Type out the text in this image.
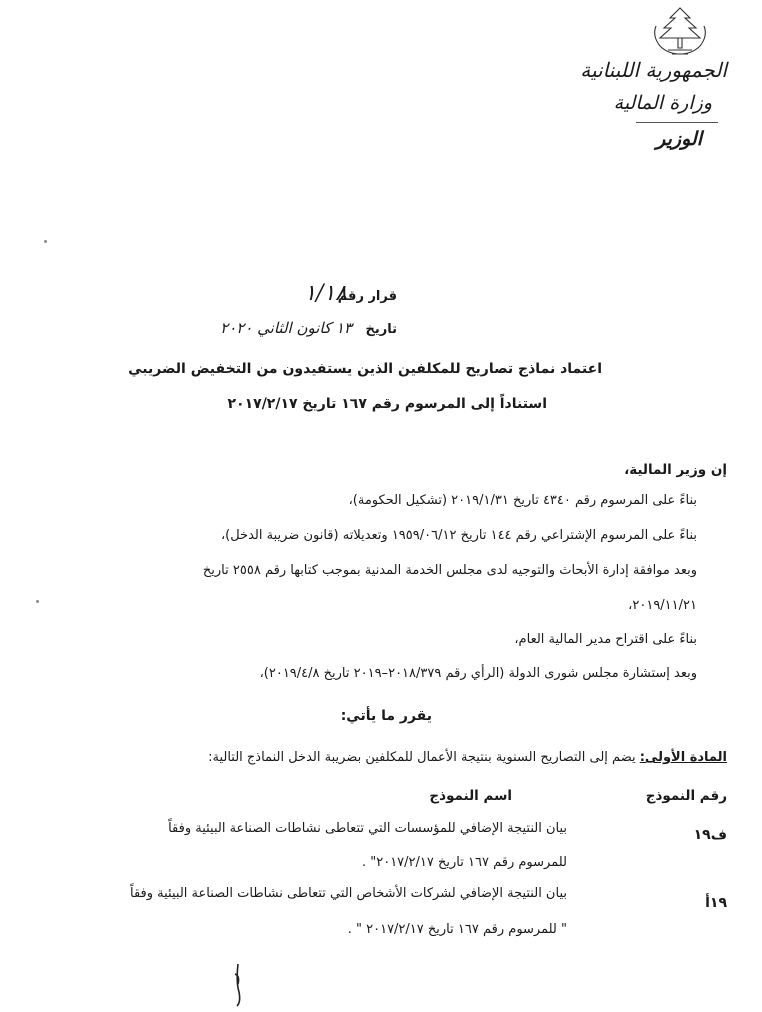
الجمهورية اللبنانية
وزارة المالية
الوزير
قرار رقم
١/١٨
تاريخ
١٣ كانون الثاني ٢٠٢٠
اعتماد نماذج تصاريح للمكلفين الذين يستفيدون من التخفيض الضريبي
استناداً إلى المرسوم رقم ١٦٧ تاريخ ٢٠١٧/٢/١٧
إن وزير المالية،
بناءً على المرسوم رقم ٤٣٤٠ تاريخ ٢٠١٩/١/٣١ (تشكيل الحكومة)،
بناءً على المرسوم الإشتراعي رقم ١٤٤ تاريخ ١٩٥٩/٠٦/١٢ وتعديلاته (قانون ضريبة الدخل)،
وبعد موافقة إدارة الأبحاث والتوجيه لدى مجلس الخدمة المدنية بموجب كتابها رقم ٢٥٥٨ تاريخ
٢٠١٩/١١/٢١،
بناءً على اقتراح مدير المالية العام،
وبعد إستشارة مجلس شورى الدولة (الرأي رقم ٢٠١٨/٣٧٩–٢٠١٩ تاريخ ٢٠١٩/٤/٨)،
يقرر ما يأتي:
المادة الأولى: يضم إلى التصاريح السنوية بنتيجة الأعمال للمكلفين بضريبة الدخل النماذج التالية:
رقم النموذج
اسم النموذج
ف١٩
بيان النتيجة الإضافي للمؤسسات التي تتعاطى نشاطات الصناعة البيئية وفقاً
للمرسوم رقم ١٦٧ تاريخ ٢٠١٧/٢/١٧" .
١٩أ
بيان النتيجة الإضافي لشركات الأشخاص التي تتعاطى نشاطات الصناعة البيئية وفقاً
" للمرسوم رقم ١٦٧ تاريخ ٢٠١٧/٢/١٧ " .
